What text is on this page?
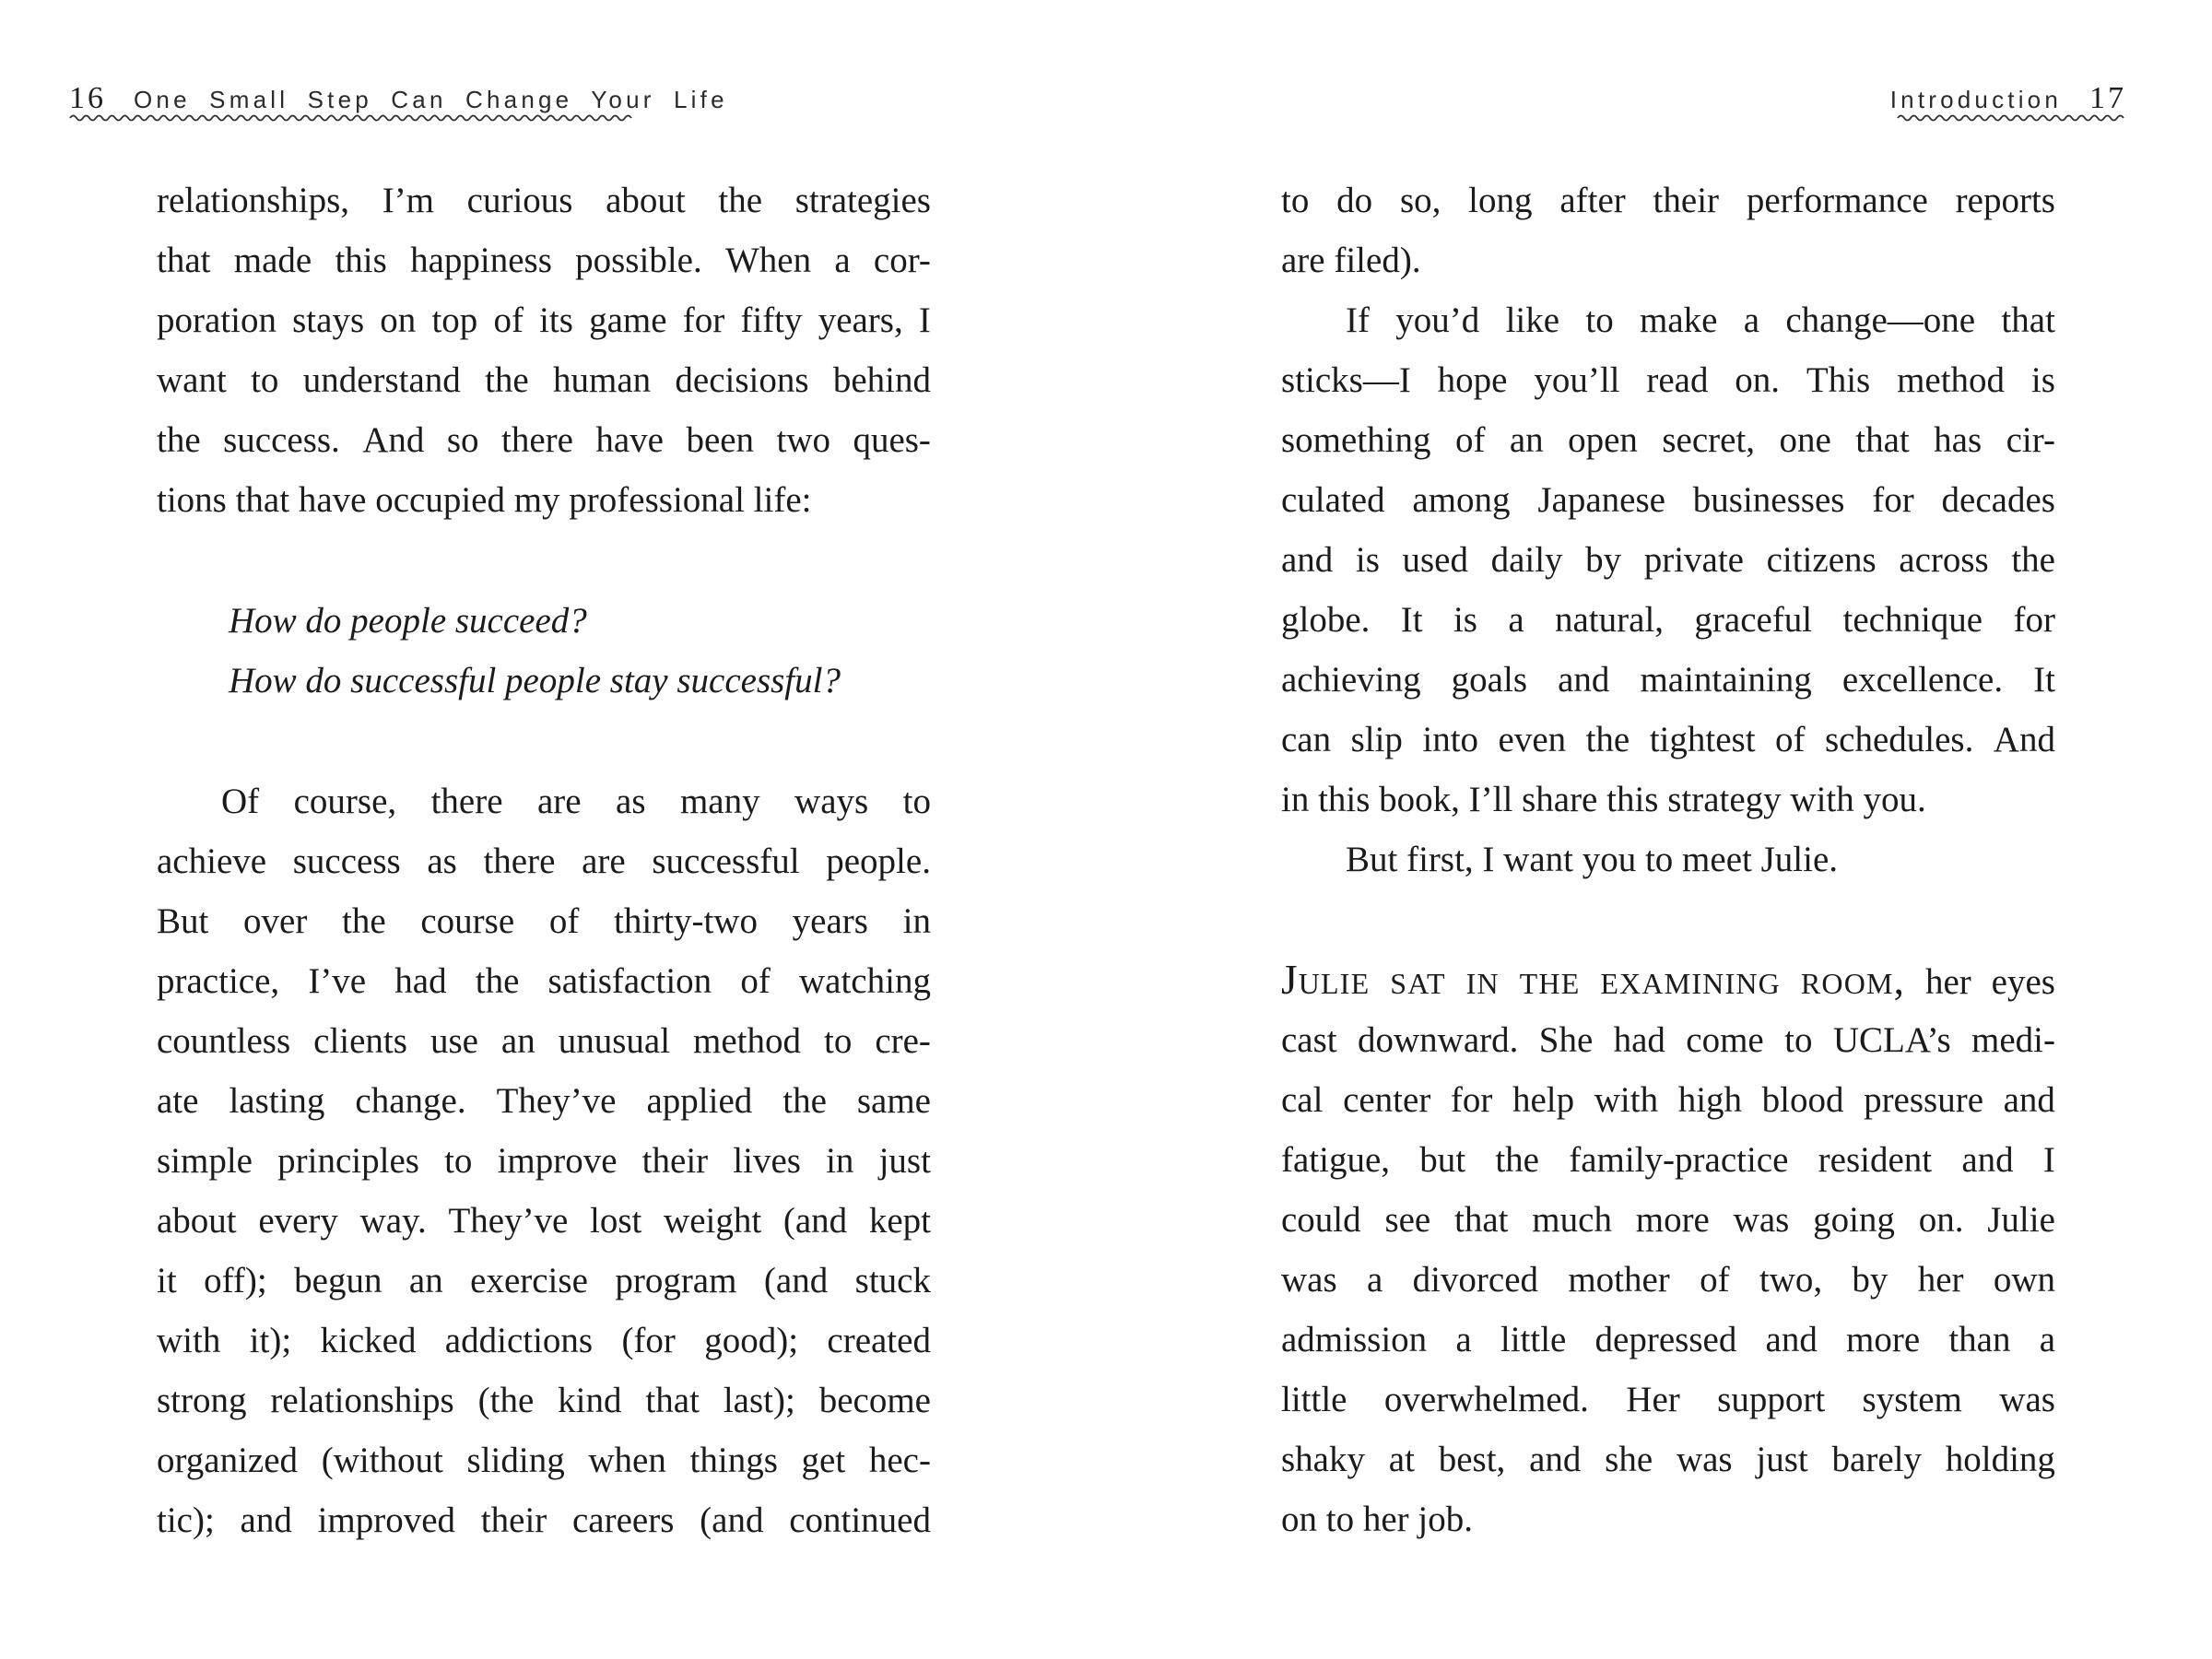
16 One Small Step Can Change Your Life
relationships, I’m curious about the strategies
that made this happiness possible. When a cor-
poration stays on top of its game for fifty years, I
want to understand the human decisions behind
the success. And so there have been two ques-
tions that have occupied my professional life:
How do people succeed?
How do successful people stay successful?
Of course, there are as many ways to
achieve success as there are successful people.
But over the course of thirty-two years in
practice, I’ve had the satisfaction of watching
countless clients use an unusual method to cre-
ate lasting change. They’ve applied the same
simple principles to improve their lives in just
about every way. They’ve lost weight (and kept
it off); begun an exercise program (and stuck
with it); kicked addictions (for good); created
strong relationships (the kind that last); become
organized (without sliding when things get hec-
tic); and improved their careers (and continued
Introduction 17
to do so, long after their performance reports
are filed).
If you’d like to make a change—one that
sticks—I hope you’ll read on. This method is
something of an open secret, one that has cir-
culated among Japanese businesses for decades
and is used daily by private citizens across the
globe. It is a natural, graceful technique for
achieving goals and maintaining excellence. It
can slip into even the tightest of schedules. And
in this book, I’ll share this strategy with you.
But first, I want you to meet Julie.
Julie sat in the examining room, her eyes
cast downward. She had come to UCLA’s medi-
cal center for help with high blood pressure and
fatigue, but the family-practice resident and I
could see that much more was going on. Julie
was a divorced mother of two, by her own
admission a little depressed and more than a
little overwhelmed. Her support system was
shaky at best, and she was just barely holding
on to her job.
